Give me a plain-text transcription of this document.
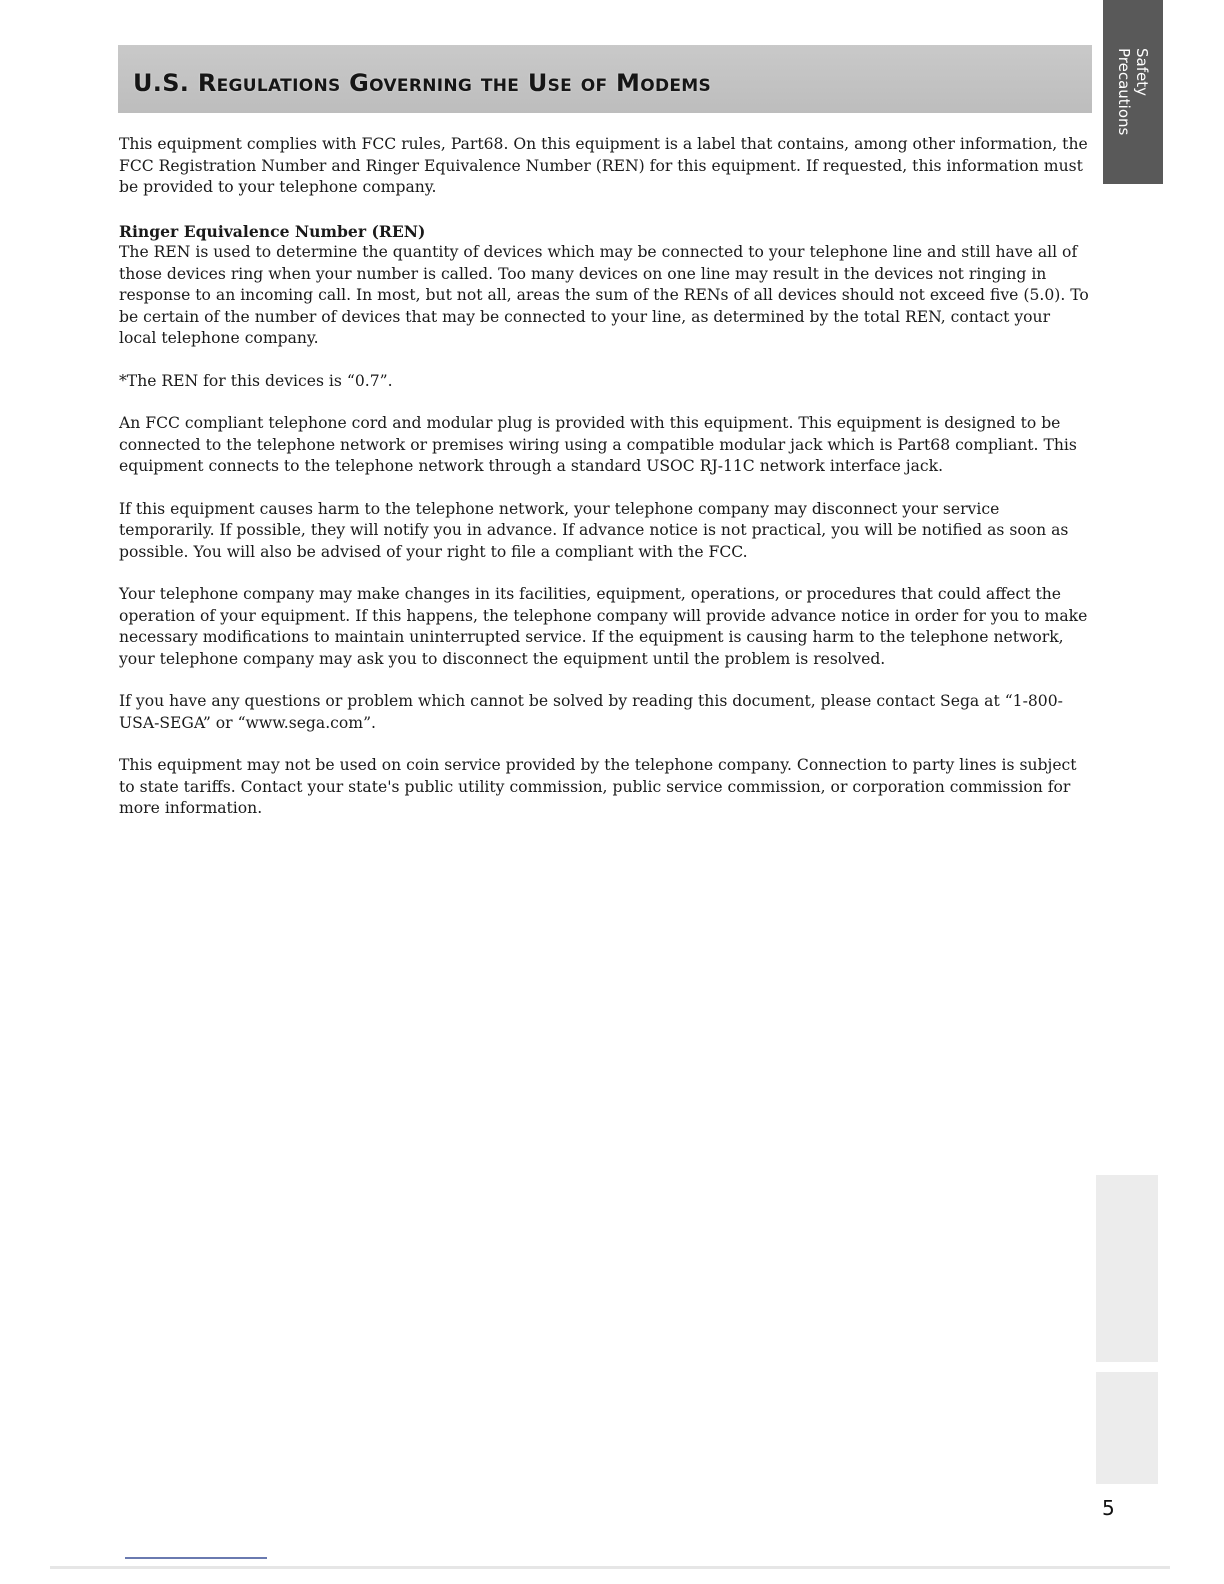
U.S. Regulations Governing the Use of Modems	Safety
Precautions

This equipment complies with FCC rules, Part68. On this equipment is a label that contains, among other information, the FCC Registration Number and Ringer Equivalence Number (REN) for this equipment. If requested, this information must be provided to your telephone company.

Ringer Equivalence Number (REN)

The REN is used to determine the quantity of devices which may be connected to your telephone line and still have all of those devices ring when your number is called. Too many devices on one line may result in the devices not ringing in response to an incoming call. In most, but not all, areas the sum of the RENs of all devices should not exceed five (5.0). To be certain of the number of devices that may be connected to your line, as determined by the total REN, contact your local telephone company.

*The REN for this devices is “0.7”.

An FCC compliant telephone cord and modular plug is provided with this equipment. This equipment is designed to be connected to the telephone network or premises wiring using a compatible modular jack which is Part68 compliant. This equipment connects to the telephone network through a standard USOC RJ-11C network interface jack.

If this equipment causes harm to the telephone network, your telephone company may disconnect your service temporarily. If possible, they will notify you in advance. If advance notice is not practical, you will be notified as soon as possible. You will also be advised of your right to file a compliant with the FCC.

Your telephone company may make changes in its facilities, equipment, operations, or procedures that could affect the operation of your equipment. If this happens, the telephone company will provide advance notice in order for you to make necessary modifications to maintain uninterrupted service. If the equipment is causing harm to the telephone network, your telephone company may ask you to disconnect the equipment until the problem is resolved.

If you have any questions or problem which cannot be solved by reading this document, please contact Sega at “1-800-USA-SEGA” or “www.sega.com”.

This equipment may not be used on coin service provided by the telephone company. Connection to party lines is subject to state tariffs. Contact your state's public utility commission, public service commission, or corporation commission for more information.

5
